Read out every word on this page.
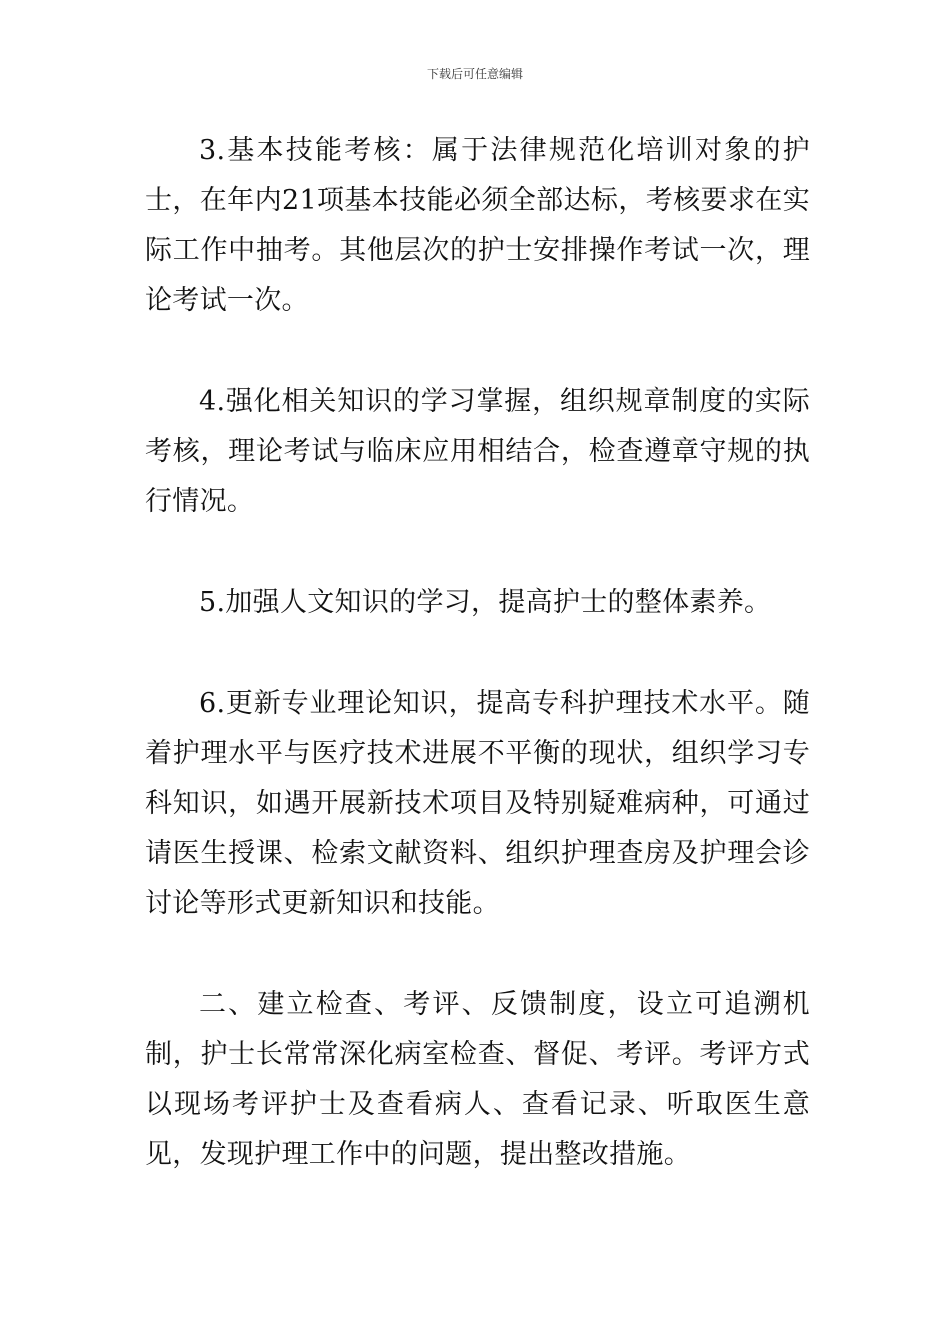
下载后可任意编辑

3.基本技能考核：属于法律规范化培训对象的护士，在年内21项基本技能必须全部达标，考核要求在实际工作中抽考。其他层次的护士安排操作考试一次，理论考试一次。

4.强化相关知识的学习掌握，组织规章制度的实际考核，理论考试与临床应用相结合，检查遵章守规的执行情况。

5.加强人文知识的学习，提高护士的整体素养。

6.更新专业理论知识，提高专科护理技术水平。随着护理水平与医疗技术进展不平衡的现状，组织学习专科知识，如遇开展新技术项目及特别疑难病种，可通过请医生授课、检索文献资料、组织护理查房及护理会诊讨论等形式更新知识和技能。

二、建立检查、考评、反馈制度，设立可追溯机制，护士长常常深化病室检查、督促、考评。考评方式以现场考评护士及查看病人、查看记录、听取医生意见，发现护理工作中的问题，提出整改措施。
